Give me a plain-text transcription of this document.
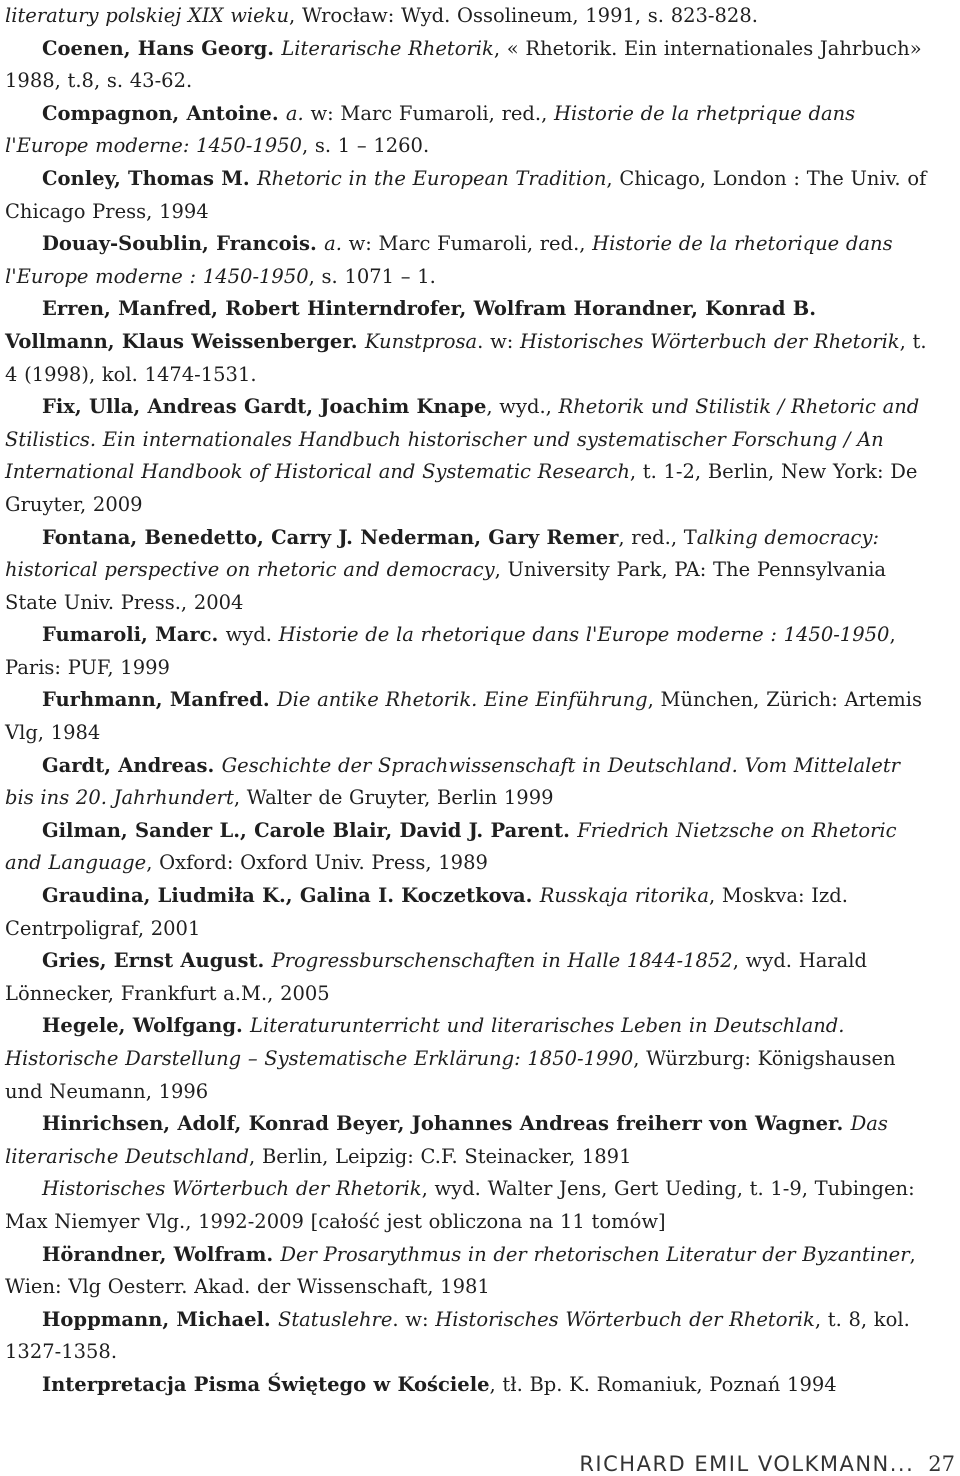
literatury polskiej XIX wieku, Wrocław: Wyd. Ossolineum, 1991, s. 823-828.

Coenen, Hans Georg. Literarische Rhetorik, « Rhetorik. Ein internationales Jahrbuch» 1988, t.8, s. 43-62.

Compagnon, Antoine. a. w: Marc Fumaroli, red., Historie de la rhetprique dans l'Europe moderne: 1450-1950, s. 1 – 1260.

Conley, Thomas M. Rhetoric in the European Tradition, Chicago, London : The Univ. of Chicago Press, 1994

Douay-Soublin, Francois. a. w: Marc Fumaroli, red., Historie de la rhetorique dans l'Europe moderne : 1450-1950, s. 1071 – 1.

Erren, Manfred, Robert Hinterndrofer, Wolfram Horandner, Konrad B. Vollmann, Klaus Weissenberger. Kunstprosa. w: Historisches Wörterbuch der Rhetorik, t. 4 (1998), kol. 1474-1531.

Fix, Ulla, Andreas Gardt, Joachim Knape, wyd., Rhetorik und Stilistik / Rhetoric and Stilistics. Ein internationales Handbuch historischer und systematischer Forschung / An International Handbook of Historical and Systematic Research, t. 1-2, Berlin, New York: De Gruyter, 2009

Fontana, Benedetto, Carry J. Nederman, Gary Remer, red., Talking democracy: historical perspective on rhetoric and democracy, University Park, PA: The Pennsylvania State Univ. Press., 2004

Fumaroli, Marc. wyd. Historie de la rhetorique dans l'Europe moderne : 1450-1950, Paris: PUF, 1999

Furhmann, Manfred. Die antike Rhetorik. Eine Einführung, München, Zürich: Artemis Vlg, 1984

Gardt, Andreas. Geschichte der Sprachwissenschaft in Deutschland. Vom Mittelaletr bis ins 20. Jahrhundert, Walter de Gruyter, Berlin 1999

Gilman, Sander L., Carole Blair, David J. Parent. Friedrich Nietzsche on Rhetoric and Language, Oxford: Oxford Univ. Press, 1989

Graudina, Liudmiła K., Galina I. Koczetkova. Russkaja ritorika, Moskva: Izd. Centrpoligraf, 2001

Gries, Ernst August. Progressburschenschaften in Halle 1844-1852, wyd. Harald Lönnecker, Frankfurt a.M., 2005

Hegele, Wolfgang. Literaturunterricht und literarisches Leben in Deutschland. Historische Darstellung – Systematische Erklärung: 1850-1990, Würzburg: Königshausen und Neumann, 1996

Hinrichsen, Adolf, Konrad Beyer, Johannes Andreas freiherr von Wagner. Das literarische Deutschland, Berlin, Leipzig: C.F. Steinacker, 1891

Historisches Wörterbuch der Rhetorik, wyd. Walter Jens, Gert Ueding, t. 1-9, Tubingen: Max Niemyer Vlg., 1992-2009 [całość jest obliczona na 11 tomów]

Hörandner, Wolfram. Der Prosarythmus in der rhetorischen Literatur der Byzantiner, Wien: Vlg Oesterr. Akad. der Wissenschaft, 1981

Hoppmann, Michael. Statuslehre. w: Historisches Wörterbuch der Rhetorik, t. 8, kol. 1327-1358.

Interpretacja Pisma Świętego w Kościele, tł. Bp. K. Romaniuk, Poznań 1994

RICHARD EMIL VOLKMANN... 27
